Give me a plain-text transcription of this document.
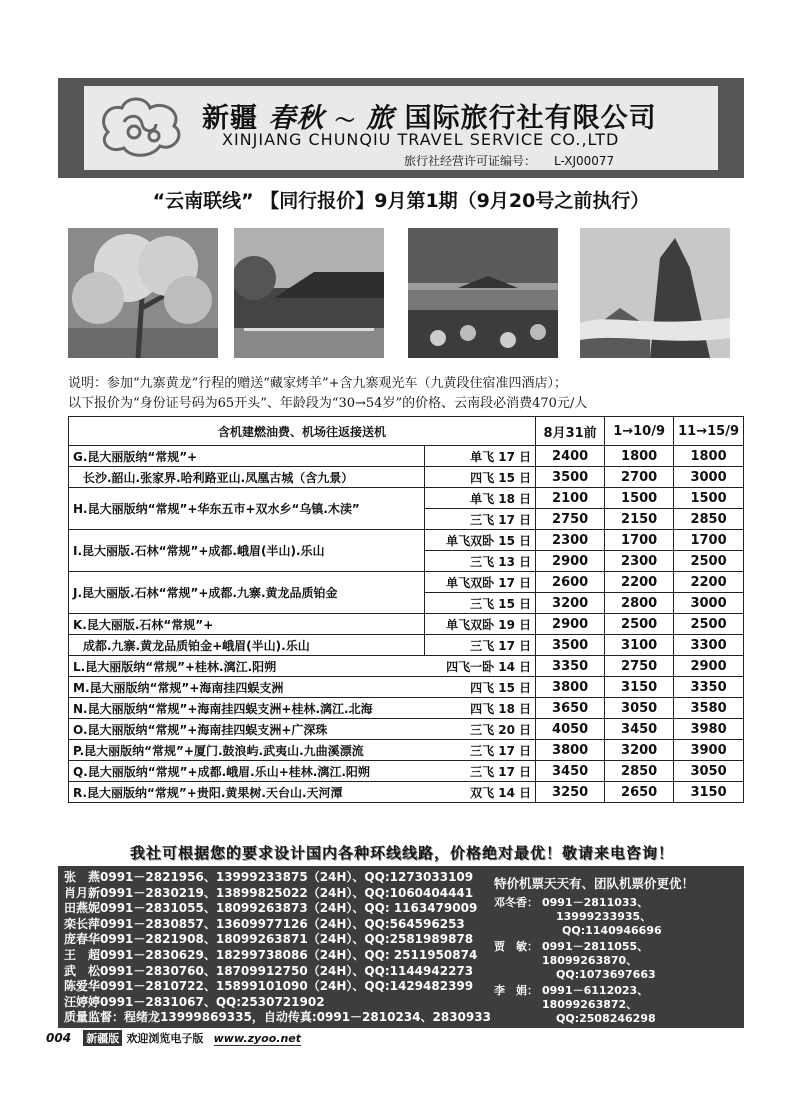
新疆 春秋 〜 旅 国际旅行社有限公司
XINJIANG CHUNQIU TRAVEL SERVICE CO.,LTD
旅行社经营许可证编号： L-XJ00077
“云南联线” 【同行报价】9月第1期（9月20号之前执行）
说明：参加“九寨黄龙”行程的赠送“藏家烤羊”+含九寨观光车（九黄段住宿准四酒店）；
以下报价为“身份证号码为65开头”、年龄段为“30→54岁”的价格、云南段必消费470元/人
含机建燃油费、机场往返接送机		8月31前	1→10/9	11→15/9
G.昆大丽版纳“常规”+	单飞 17 日	2400	1800	1800
长沙.韶山.张家界.哈利路亚山.凤凰古城（含九景）	四飞 15 日	3500	2700	3000
H.昆大丽版纳“常规”+华东五市+双水乡“乌镇.木渎”	单飞 18 日	2100	1500	1500
	三飞 17 日	2750	2150	2850
I.昆大丽版.石林“常规”+成都.峨眉(半山).乐山	单飞双卧 15 日	2300	1700	1700
	三飞 13 日	2900	2300	2500
J.昆大丽版.石林“常规”+成都.九寨.黄龙品质铂金	单飞双卧 17 日	2600	2200	2200
	三飞 15 日	3200	2800	3000
K.昆大丽版.石林“常规”+	单飞双卧 19 日	2900	2500	2500
成都.九寨.黄龙品质铂金+峨眉(半山).乐山	三飞 17 日	3500	3100	3300
L.昆大丽版纳“常规”+桂林.漓江.阳朔	四飞一卧 14 日	3350	2750	2900
M.昆大丽版纳“常规”+海南挂四蜈支洲	四飞 15 日	3800	3150	3350
N.昆大丽版纳“常规”+海南挂四蜈支洲+桂林.漓江.北海	四飞 18 日	3650	3050	3580
O.昆大丽版纳“常规”+海南挂四蜈支洲+广深珠	三飞 20 日	4050	3450	3980
P.昆大丽版纳“常规”+厦门.鼓浪屿.武夷山.九曲溪漂流	三飞 17 日	3800	3200	3900
Q.昆大丽版纳“常规”+成都.峨眉.乐山+桂林.漓江.阳朔	三飞 17 日	3450	2850	3050
R.昆大丽版纳“常规”+贵阳.黄果树.天台山.天河潭	双飞 14 日	3250	2650	3150
我社可根据您的要求设计国内各种环线线路，价格绝对最优！敬请来电咨询！
张　燕0991－2821956、13999233875（24H）、QQ:1273033109
肖月新0991－2830219、13899825022（24H）、QQ:1060404441
田燕妮0991－2831055、18099263873（24H）、QQ: 1163479009
栾长萍0991－2830857、13609977126（24H）、QQ:564596253
庞春华0991－2821908、18099263871（24H）、QQ:2581989878
王　超0991－2830629、18299738086（24H）、QQ: 2511950874
武　松0991－2830760、18709912750（24H）、QQ:1144942273
陈爱华0991－2810722、15899101090（24H）、QQ:1429482399
汪婷婷0991－2831067、QQ:2530721902
质量监督：程绪龙13999869335，自动传真:0991－2810234、2830933
特价机票天天有、团队机票价更优！
邓冬香： 0991－2811033、
13999233935、
QQ:1140946696
贾　敏： 0991－2811055、
18099263870、
QQ:1073697663
李　娟： 0991－6112023、
18099263872、
QQ:2508246298
004 新疆版 欢迎浏览电子版 www.zyoo.net
